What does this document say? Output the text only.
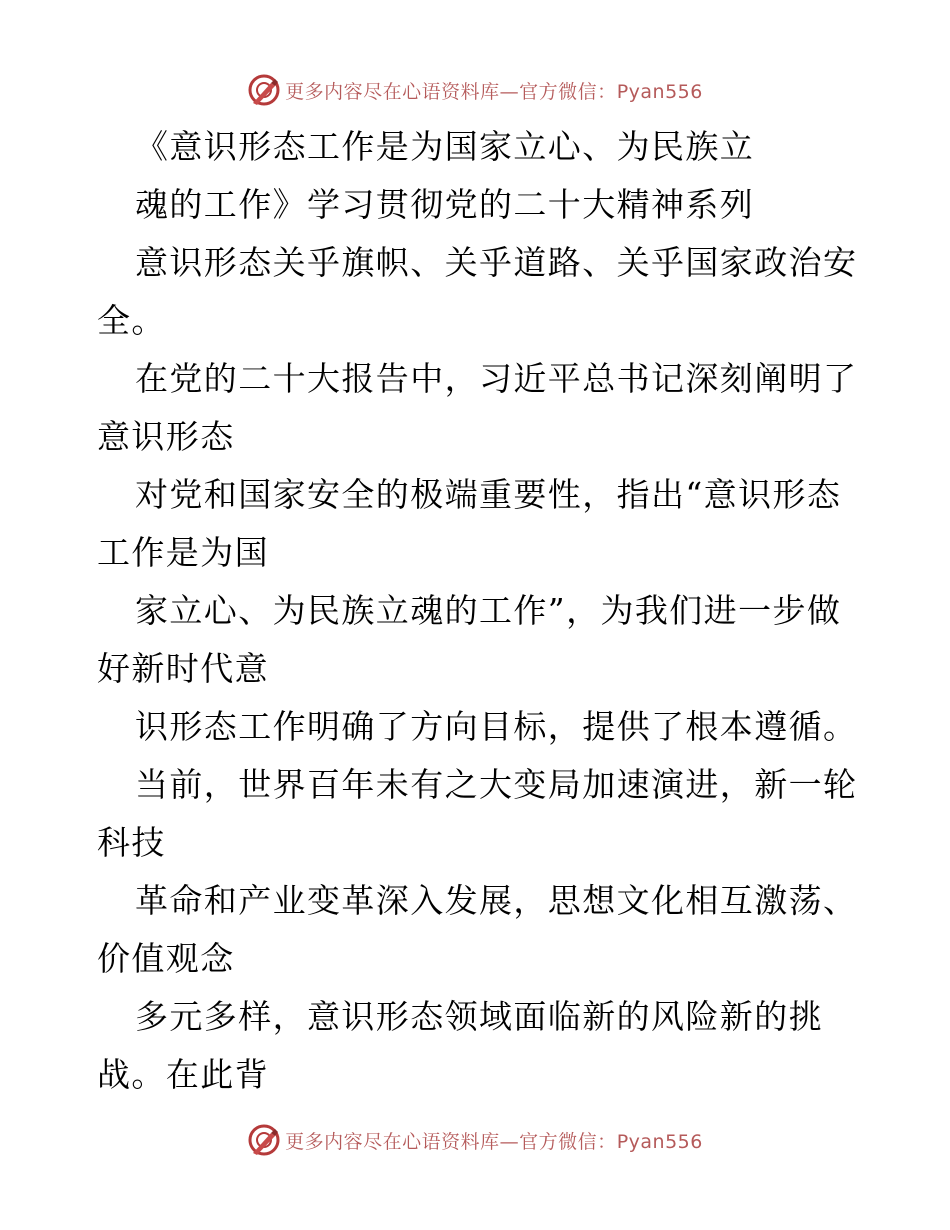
更多内容尽在心语资料库—官方微信：Pyan556
《意识形态工作是为国家立心、为民族立
魂的工作》学习贯彻党的二十大精神系列
意识形态关乎旗帜、关乎道路、关乎国家政治安
全。
在党的二十大报告中，习近平总书记深刻阐明了
意识形态
对党和国家安全的极端重要性，指出“意识形态
工作是为国
家立心、为民族立魂的工作”，为我们进一步做
好新时代意
识形态工作明确了方向目标，提供了根本遵循。
当前，世界百年未有之大变局加速演进，新一轮
科技
革命和产业变革深入发展，思想文化相互激荡、
价值观念
多元多样，意识形态领域面临新的风险新的挑
战。在此背
更多内容尽在心语资料库—官方微信：Pyan556
